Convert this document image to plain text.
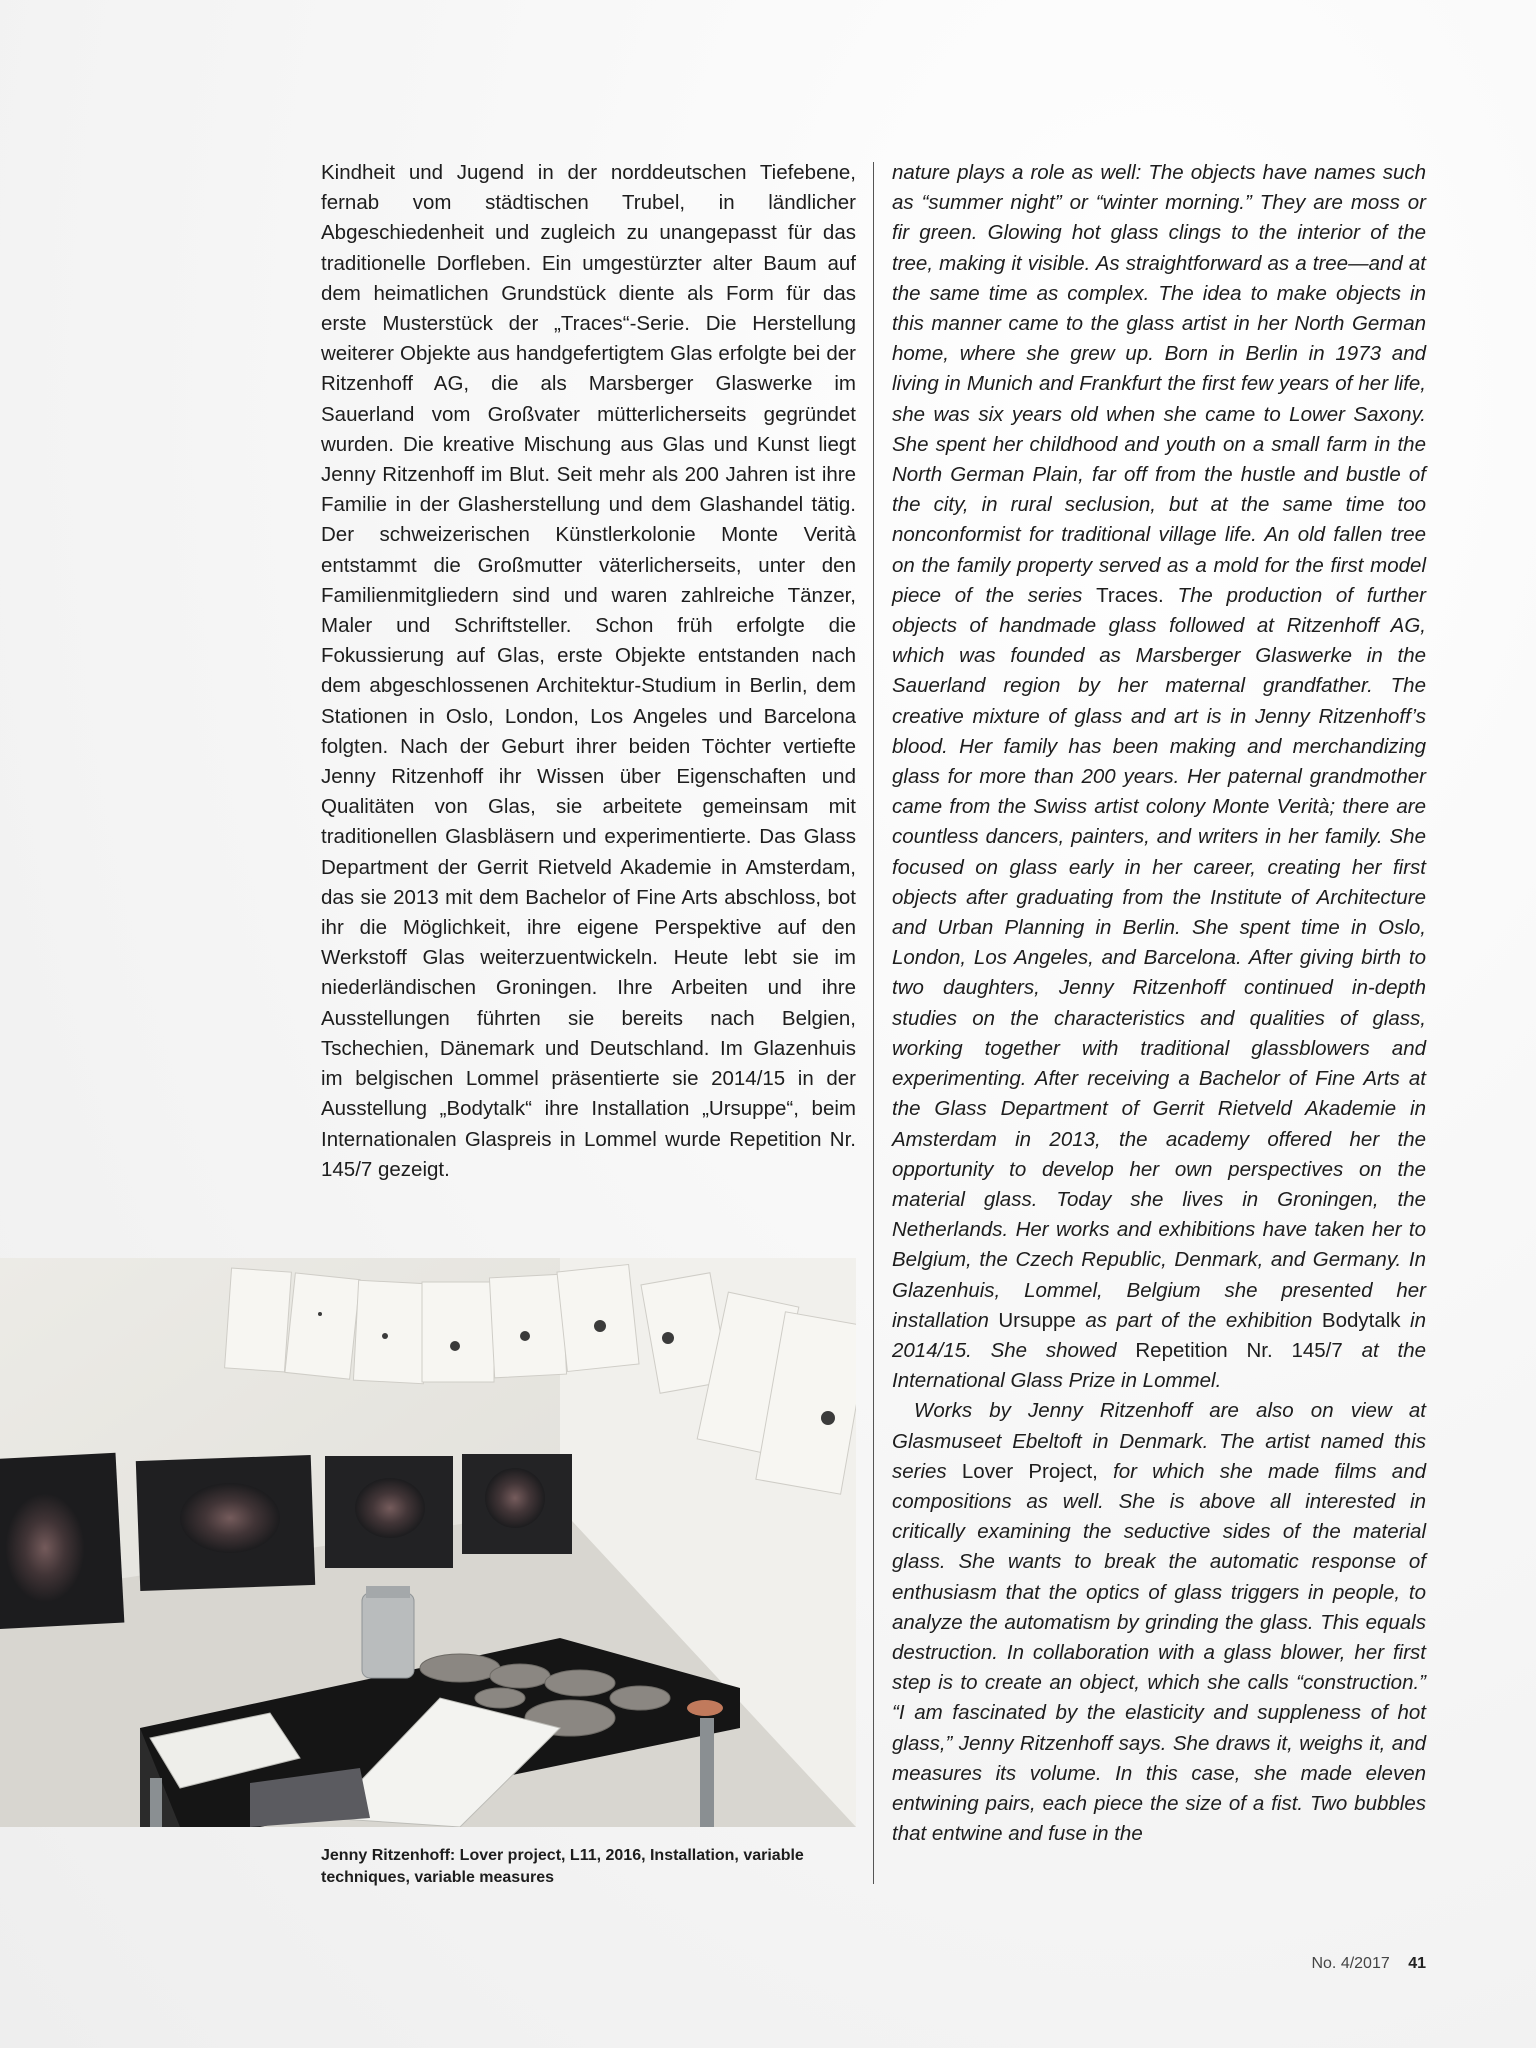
Kindheit und Jugend in der norddeutschen Tiefebene, fernab vom städtischen Trubel, in ländlicher Abgeschiedenheit und zugleich zu unangepasst für das traditionelle Dorfleben. Ein umgestürzter alter Baum auf dem heimatlichen Grundstück diente als Form für das erste Musterstück der „Traces“-Serie. Die Herstellung weiterer Objekte aus handgefertigtem Glas erfolgte bei der Ritzenhoff AG, die als Marsberger Glaswerke im Sauerland vom Großvater mütterlicherseits gegründet wurden. Die kreative Mischung aus Glas und Kunst liegt Jenny Ritzenhoff im Blut. Seit mehr als 200 Jahren ist ihre Familie in der Glasherstellung und dem Glashandel tätig. Der schweizerischen Künstlerkolonie Monte Verità entstammt die Großmutter väterlicherseits, unter den Familienmitgliedern sind und waren zahlreiche Tänzer, Maler und Schriftsteller. Schon früh erfolgte die Fokussierung auf Glas, erste Objekte entstanden nach dem abgeschlossenen Architektur-Studium in Berlin, dem Stationen in Oslo, London, Los Angeles und Barcelona folgten. Nach der Geburt ihrer beiden Töchter vertiefte Jenny Ritzenhoff ihr Wissen über Eigenschaften und Qualitäten von Glas, sie arbeitete gemeinsam mit traditionellen Glasbläsern und experimentierte. Das Glass Department der Gerrit Rietveld Akademie in Amsterdam, das sie 2013 mit dem Bachelor of Fine Arts abschloss, bot ihr die Möglichkeit, ihre eigene Perspektive auf den Werkstoff Glas weiterzuentwickeln. Heute lebt sie im niederländischen Groningen. Ihre Arbeiten und ihre Ausstellungen führten sie bereits nach Belgien, Tschechien, Dänemark und Deutschland. Im Glazenhuis im belgischen Lommel präsentierte sie 2014/15 in der Ausstellung „Bodytalk“ ihre Installation „Ursuppe“, beim Internationalen Glaspreis in Lommel wurde Repetition Nr. 145/7 gezeigt.

nature plays a role as well: The objects have names such as “summer night” or “winter morning.” They are moss or fir green. Glowing hot glass clings to the interior of the tree, making it visible. As straightforward as a tree—and at the same time as complex. The idea to make objects in this manner came to the glass artist in her North German home, where she grew up. Born in Berlin in 1973 and living in Munich and Frankfurt the first few years of her life, she was six years old when she came to Lower Saxony. She spent her childhood and youth on a small farm in the North German Plain, far off from the hustle and bustle of the city, in rural seclusion, but at the same time too nonconformist for traditional village life. An old fallen tree on the family property served as a mold for the first model piece of the series Traces. The production of further objects of handmade glass followed at Ritzenhoff AG, which was founded as Marsberger Glaswerke in the Sauerland region by her maternal grandfather. The creative mixture of glass and art is in Jenny Ritzenhoff’s blood. Her family has been making and merchandizing glass for more than 200 years. Her paternal grandmother came from the Swiss artist colony Monte Verità; there are countless dancers, painters, and writers in her family. She focused on glass early in her career, creating her first objects after graduating from the Institute of Architecture and Urban Planning in Berlin. She spent time in Oslo, London, Los Angeles, and Barcelona. After giving birth to two daughters, Jenny Ritzenhoff continued in-depth studies on the characteristics and qualities of glass, working together with traditional glassblowers and experimenting. After receiving a Bachelor of Fine Arts at the Glass Department of Gerrit Rietveld Akademie in Amsterdam in 2013, the academy offered her the opportunity to develop her own perspectives on the material glass. Today she lives in Groningen, the Netherlands. Her works and exhibitions have taken her to Belgium, the Czech Republic, Denmark, and Germany. In Glazenhuis, Lommel, Belgium she presented her installation Ursuppe as part of the exhibition Bodytalk in 2014/15. She showed Repetition Nr. 145/7 at the International Glass Prize in Lommel.

Works by Jenny Ritzenhoff are also on view at Glasmuseet Ebeltoft in Denmark. The artist named this series Lover Project, for which she made films and compositions as well. She is above all interested in critically examining the seductive sides of the material glass. She wants to break the automatic response of enthusiasm that the optics of glass triggers in people, to analyze the automatism by grinding the glass. This equals destruction. In collaboration with a glass blower, her first step is to create an object, which she calls “construction.” “I am fascinated by the elasticity and suppleness of hot glass,” Jenny Ritzenhoff says. She draws it, weighs it, and measures its volume. In this case, she made eleven entwining pairs, each piece the size of a fist. Two bubbles that entwine and fuse in the

Jenny Ritzenhoff: Lover project, L11, 2016, Installation, variable
techniques, variable measures
No. 4/2017 41
